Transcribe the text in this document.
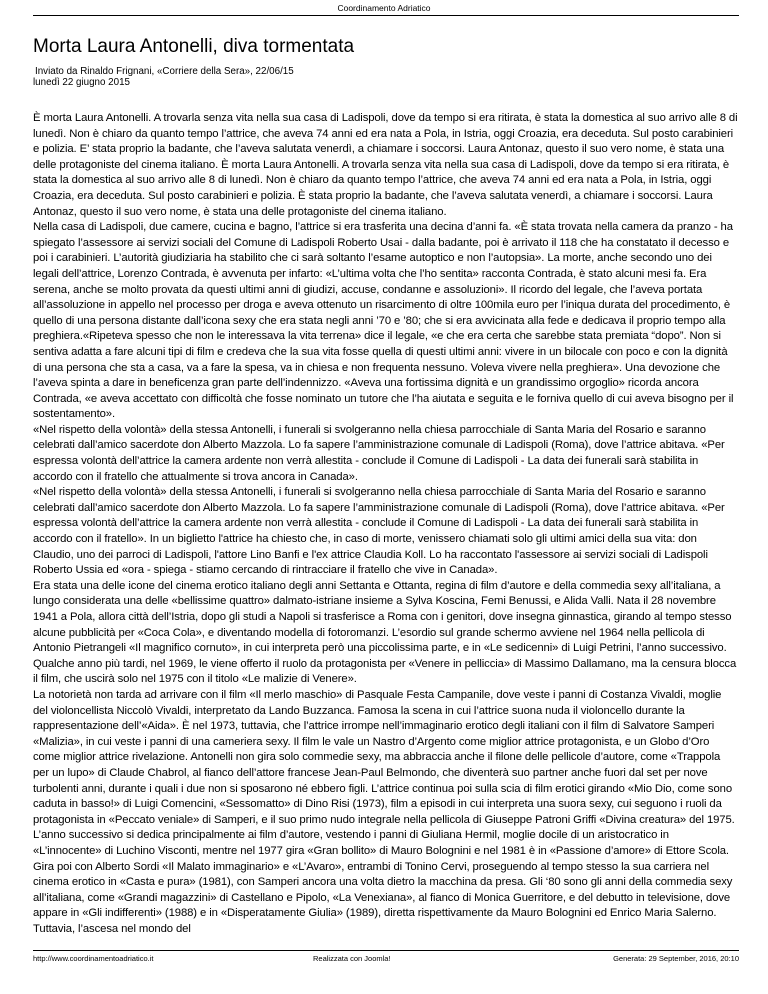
Coordinamento Adriatico
Morta Laura Antonelli, diva tormentata
Inviato da Rinaldo Frignani, «Corriere della Sera», 22/06/15
lunedì 22 giugno 2015

È morta Laura Antonelli. A trovarla senza vita nella sua casa di Ladispoli, dove da tempo si era ritirata, è stata la domestica al suo arrivo alle 8 di lunedì. Non è chiaro da quanto tempo l’attrice, che aveva 74 anni ed era nata a Pola, in Istria, oggi Croazia, era deceduta. Sul posto carabinieri e polizia. E’ stata proprio la badante, che l’aveva salutata venerdì, a chiamare i soccorsi. Laura Antonaz, questo il suo vero nome, è stata una delle protagoniste del cinema italiano. È morta Laura Antonelli. A trovarla senza vita nella sua casa di Ladispoli, dove da tempo si era ritirata, è stata la domestica al suo arrivo alle 8 di lunedì. Non è chiaro da quanto tempo l’attrice, che aveva 74 anni ed era nata a Pola, in Istria, oggi Croazia, era deceduta. Sul posto carabinieri e polizia. È stata proprio la badante, che l’aveva salutata venerdì, a chiamare i soccorsi. Laura Antonaz, questo il suo vero nome, è stata una delle protagoniste del cinema italiano.

Nella casa di Ladispoli, due camere, cucina e bagno, l’attrice si era trasferita una decina d’anni fa. «È stata trovata nella camera da pranzo - ha spiegato l’assessore ai servizi sociali del Comune di Ladispoli Roberto Usai - dalla badante, poi è arrivato il 118 che ha constatato il decesso e poi i carabinieri. L’autorità giudiziaria ha stabilito che ci sarà soltanto l’esame autoptico e non l’autopsia». La morte, anche secondo uno dei legali dell’attrice, Lorenzo Contrada, è avvenuta per infarto: «L’ultima volta che l’ho sentita» racconta Contrada, è stato alcuni mesi fa. Era serena, anche se molto provata da questi ultimi anni di giudizi, accuse, condanne e assoluzioni». Il ricordo del legale, che l’aveva portata all’assoluzione in appello nel processo per droga e aveva ottenuto un risarcimento di oltre 100mila euro per l’iniqua durata del procedimento, è quello di una persona distante dall’icona sexy che era stata negli anni ’70 e ’80; che si era avvicinata alla fede e dedicava il proprio tempo alla preghiera.«Ripeteva spesso che non le interessava la vita terrena» dice il legale, «e che era certa che sarebbe stata premiata “dopo”. Non si sentiva adatta a fare alcuni tipi di film e credeva che la sua vita fosse quella di questi ultimi anni: vivere in un bilocale con poco e con la dignità di una persona che sta a casa, va a fare la spesa, va in chiesa e non frequenta nessuno. Voleva vivere nella preghiera». Una devozione che l’aveva spinta a dare in beneficenza gran parte dell’indennizzo. «Aveva una fortissima dignità e un grandissimo orgoglio» ricorda ancora Contrada, «e aveva accettato con difficoltà che fosse nominato un tutore che l’ha aiutata e seguita e le forniva quello di cui aveva bisogno per il sostentamento».

«Nel rispetto della volontà» della stessa Antonelli, i funerali si svolgeranno nella chiesa parrocchiale di Santa Maria del Rosario e saranno celebrati dall’amico sacerdote don Alberto Mazzola. Lo fa sapere l’amministrazione comunale di Ladispoli (Roma), dove l’attrice abitava. «Per espressa volontà dell’attrice la camera ardente non verrà allestita - conclude il Comune di Ladispoli - La data dei funerali sarà stabilita in accordo con il fratello che attualmente si trova ancora in Canada».

«Nel rispetto della volontà» della stessa Antonelli, i funerali si svolgeranno nella chiesa parrocchiale di Santa Maria del Rosario e saranno celebrati dall’amico sacerdote don Alberto Mazzola. Lo fa sapere l’amministrazione comunale di Ladispoli (Roma), dove l’attrice abitava. «Per espressa volontà dell’attrice la camera ardente non verrà allestita - conclude il Comune di Ladispoli - La data dei funerali sarà stabilita in accordo con il fratello». In un biglietto l'attrice ha chiesto che, in caso di morte, venissero chiamati solo gli ultimi amici della sua vita: don Claudio, uno dei parroci di Ladispoli, l'attore Lino Banfi e l'ex attrice Claudia Koll. Lo ha raccontato l'assessore ai servizi sociali di Ladispoli Roberto Ussia ed «ora - spiega - stiamo cercando di rintracciare il fratello che vive in Canada».

Era stata una delle icone del cinema erotico italiano degli anni Settanta e Ottanta, regina di film d’autore e della commedia sexy all’italiana, a lungo considerata una delle «bellissime quattro» dalmato-istriane insieme a Sylva Koscina, Femi Benussi, e Alida Valli. Nata il 28 novembre 1941 a Pola, allora città dell’Istria, dopo gli studi a Napoli si trasferisce a Roma con i genitori, dove insegna ginnastica, girando al tempo stesso alcune pubblicità per «Coca Cola», e diventando modella di fotoromanzi. L’esordio sul grande schermo avviene nel 1964 nella pellicola di Antonio Pietrangeli «Il magnifico cornuto», in cui interpreta però una piccolissima parte, e in «Le sedicenni» di Luigi Petrini, l’anno successivo. Qualche anno più tardi, nel 1969, le viene offerto il ruolo da protagonista per «Venere in pelliccia» di Massimo Dallamano, ma la censura blocca il film, che uscirà solo nel 1975 con il titolo «Le malizie di Venere».

La notorietà non tarda ad arrivare con il film «Il merlo maschio» di Pasquale Festa Campanile, dove veste i panni di Costanza Vivaldi, moglie del violoncellista Niccolò Vivaldi, interpretato da Lando Buzzanca. Famosa la scena in cui l’attrice suona nuda il violoncello durante la rappresentazione dell’«Aida». È nel 1973, tuttavia, che l’attrice irrompe nell’immaginario erotico degli italiani con il film di Salvatore Samperi «Malizia», in cui veste i panni di una cameriera sexy. Il film le vale un Nastro d’Argento come miglior attrice protagonista, e un Globo d’Oro come miglior attrice rivelazione. Antonelli non gira solo commedie sexy, ma abbraccia anche il filone delle pellicole d’autore, come «Trappola per un lupo» di Claude Chabrol, al fianco dell’attore francese Jean-Paul Belmondo, che diventerà suo partner anche fuori dal set per nove turbolenti anni, durante i quali i due non si sposarono né ebbero figli. L’attrice continua poi sulla scia di film erotici girando «Mio Dio, come sono caduta in basso!» di Luigi Comencini, «Sessomatto» di Dino Risi (1973), film a episodi in cui interpreta una suora sexy, cui seguono i ruoli da protagonista in «Peccato veniale» di Samperi, e il suo primo nudo integrale nella pellicola di Giuseppe Patroni Griffi «Divina creatura» del 1975. L’anno successivo si dedica principalmente ai film d’autore, vestendo i panni di Giuliana Hermil, moglie docile di un aristocratico in «L’innocente» di Luchino Visconti, mentre nel 1977 gira «Gran bollito» di Mauro Bolognini e nel 1981 è in «Passione d’amore» di Ettore Scola. Gira poi con Alberto Sordi «Il Malato immaginario» e «L’Avaro», entrambi di Tonino Cervi, proseguendo al tempo stesso la sua carriera nel cinema erotico in «Casta e pura» (1981), con Samperi ancora una volta dietro la macchina da presa. Gli ‘80 sono gli anni della commedia sexy all’italiana, come «Grandi magazzini» di Castellano e Pipolo, «La Venexiana», al fianco di Monica Guerritore, e del debutto in televisione, dove appare in «Gli indifferenti» (1988) e in «Disperatamente Giulia» (1989), diretta rispettivamente da Mauro Bolognini ed Enrico Maria Salerno. Tuttavia, l’ascesa nel mondo del

http://www.coordinamentoadriatico.it	Realizzata con Joomla!	Generata: 29 September, 2016, 20:10
